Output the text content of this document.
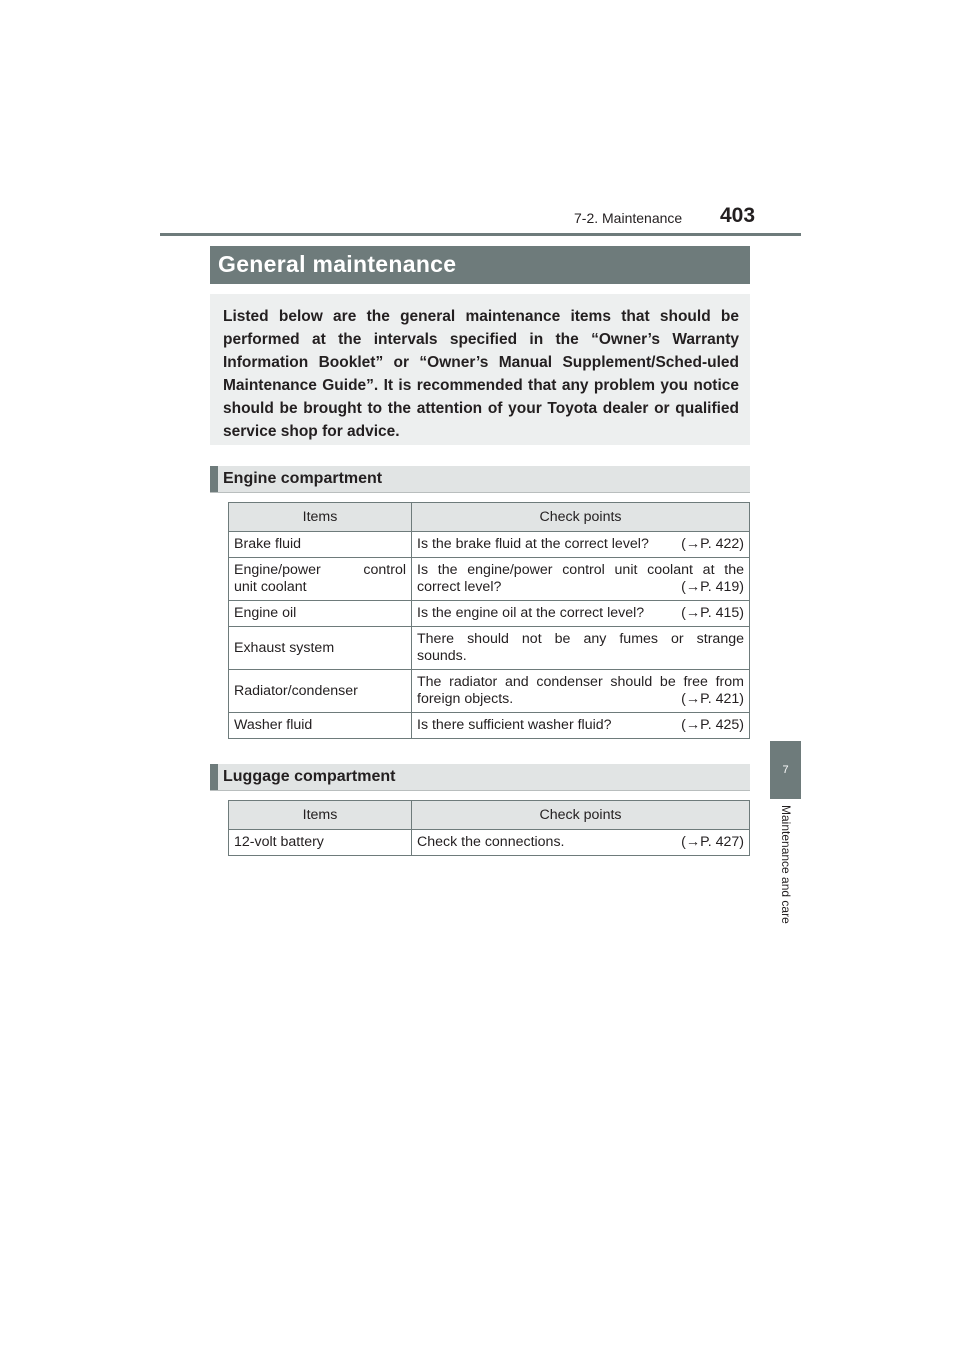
7-2. Maintenance 403
7
Maintenance and care
General maintenance

Listed below are the general maintenance items that should be performed at the intervals specified in the “Owner’s Warranty Information Booklet” or “Owner’s Manual Supplement/Sched-uled Maintenance Guide”. It is recommended that any problem you notice should be brought to the attention of your Toyota dealer or qualified service shop for advice.

Engine compartment
Items	Check points
Brake fluid	Is the brake fluid at the correct level? (→P. 422)

Engine/power control
unit coolant	Is the engine/power control unit coolant at the
correct level? (→P. 419)

Engine oil	Is the engine oil at the correct level? (→P. 415)

Exhaust system	There should not be any fumes or strange
sounds.

Radiator/condenser	The radiator and condenser should be free from
foreign objects. (→P. 421)

Washer fluid	Is there sufficient washer fluid? (→P. 425)
Luggage compartment
Items	Check points
12-volt battery	Check the connections. (→P. 427)
